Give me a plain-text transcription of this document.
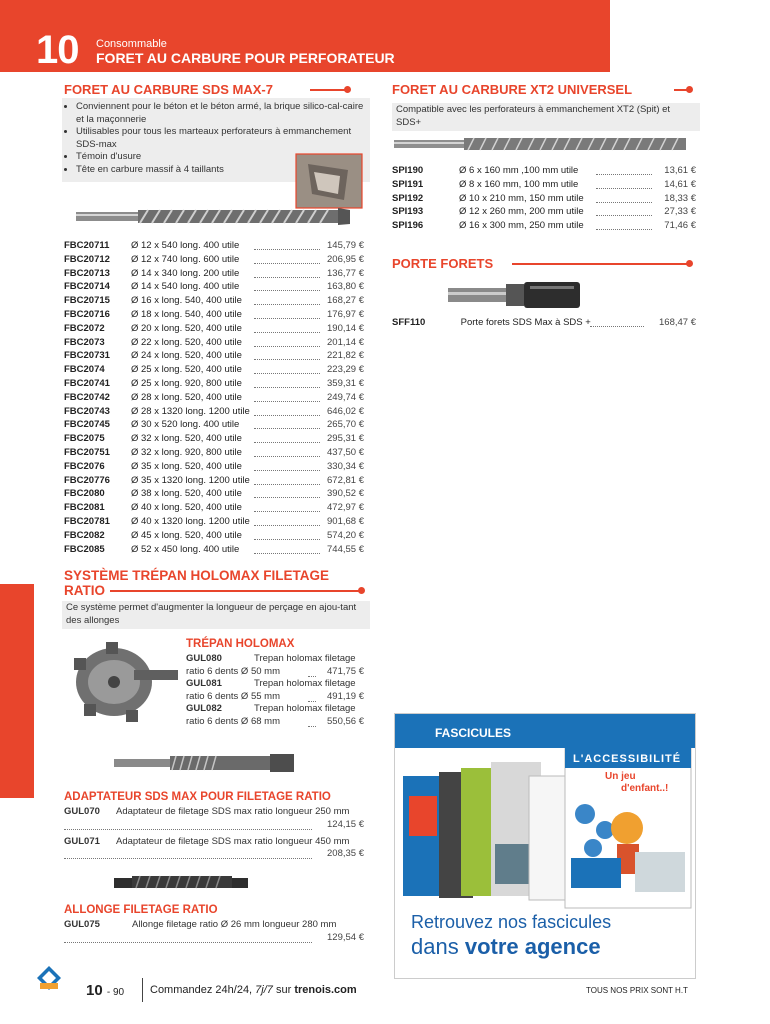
10 Consommable
FORET AU CARBURE POUR PERFORATEUR
FORET AU CARBURE SDS MAX-7
• Conviennent pour le béton et le béton armé, la brique silico-cal-caire et la maçonnerie
• Utilisables pour tous les marteaux perforateurs à emmanchement SDS-max
• Témoin d'usure
• Tête en carbure massif à 4 taillants
FBC20711 Ø 12 x 540 long. 400 utile	145,79 €
FBC20712 Ø 12 x 740 long. 600 utile	206,95 €
FBC20713 Ø 14 x 340 long. 200 utile	136,77 €
FBC20714 Ø 14 x 540 long. 400 utile	163,80 €
FBC20715 Ø 16 x long. 540, 400 utile	168,27 €
FBC20716 Ø 18 x long. 540, 400 utile	176,97 €
FBC2072	Ø 20 x long. 520, 400 utile	190,14 €
FBC2073	Ø 22 x long. 520, 400 utile	201,14 €
FBC20731 Ø 24 x long. 520, 400 utile	221,82 €
FBC2074	Ø 25 x long. 520, 400 utile	223,29 €
FBC20741 Ø 25 x long. 920, 800 utile	359,31 €
FBC20742 Ø 28 x long. 520, 400 utile	249,74 €
FBC20743 Ø 28 x 1320 long. 1200 utile	646,02 €
FBC20745 Ø 30 x 520 long. 400 utile	265,70 €
FBC2075	Ø 32 x long. 520, 400 utile	295,31 €
FBC20751 Ø 32 x long. 920, 800 utile	437,50 €
FBC2076	Ø 35 x long. 520, 400 utile	330,34 €
FBC20776 Ø 35 x 1320 long. 1200 utile	672,81 €
FBC2080	Ø 38 x long. 520, 400 utile	390,52 €
FBC2081	Ø 40 x long. 520, 400 utile	472,97 €
FBC20781 Ø 40 x 1320 long. 1200 utile	901,68 €
FBC2082	Ø 45 x long. 520, 400 utile	574,20 €
FBC2085	Ø 52 x 450 long. 400 utile	744,55 €
FORET AU CARBURE XT2 UNIVERSEL
Compatible avec les perforateurs à emmanchement XT2 (Spit) et SDS+
SPI190	Ø 6 x 160 mm ,100 mm utile	13,61 €
SPI191	Ø 8 x 160 mm, 100 mm utile	14,61 €
SPI192	Ø 10 x 210 mm, 150 mm utile	18,33 €
SPI193	Ø 12 x 260 mm, 200 mm utile	27,33 €
SPI196	Ø 16 x 300 mm, 250 mm utile	71,46 €
PORTE FORETS
SFF110	Porte forets SDS Max à SDS +	168,47 €
SYSTÈME TRÉPAN HOLOMAX FILETAGE
RATIO
Ce système permet d'augmenter la longueur de perçage en ajou-tant des allonges
TRÉPAN HOLOMAX
GUL080	Trepan holomax filetage
ratio 6 dents Ø 50 mm	471,75 €
GUL081	Trepan holomax filetage
ratio 6 dents Ø 55 mm	491,19 €
GUL082	Trepan holomax filetage
ratio 6 dents Ø 68 mm	550,56 €
ADAPTATEUR SDS MAX POUR FILETAGE RATIO
GUL070 Adaptateur de filetage SDS max ratio longueur 250 mm
124,15 €
GUL071 Adaptateur de filetage SDS max ratio longueur 450 mm
208,35 €
ALLONGE FILETAGE RATIO
GUL075	Allonge filetage ratio Ø 26 mm longueur 280 mm
129,54 €
FASCICULES
L'ACCESSIBILITÉ
Un jeu
d'enfant..!
Retrouvez nos fascicules
dans votre agence
10 - 90 Commandez 24h/24, 7j/7 sur trenois.com	TOUS NOS PRIX SONT H.T
